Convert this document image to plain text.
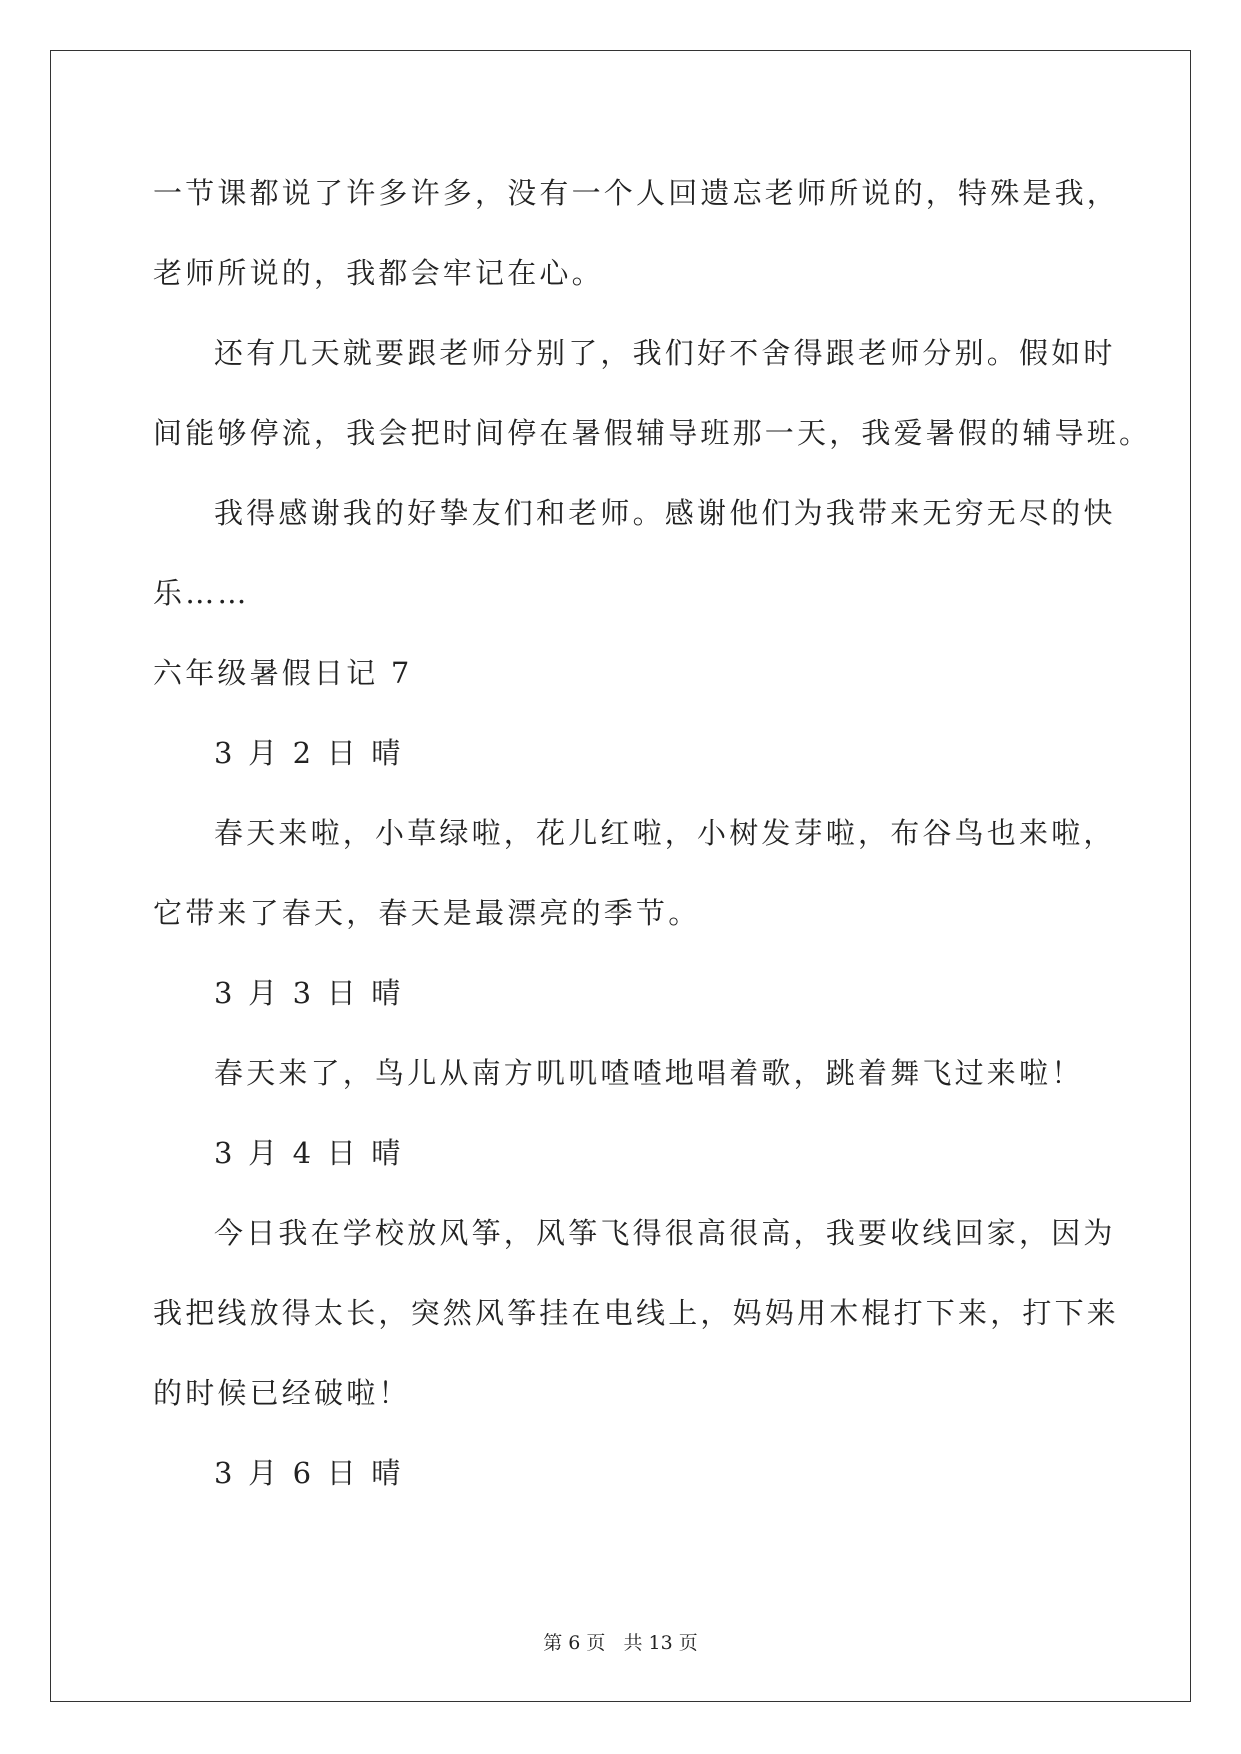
一节课都说了许多许多，没有一个人回遗忘老师所说的，特殊是我，
老师所说的，我都会牢记在心。
还有几天就要跟老师分别了，我们好不舍得跟老师分别。假如时
间能够停流，我会把时间停在暑假辅导班那一天，我爱暑假的辅导班。
我得感谢我的好挚友们和老师。感谢他们为我带来无穷无尽的快
乐……
六年级暑假日记 7
3 月 2 日 晴
春天来啦，小草绿啦，花儿红啦，小树发芽啦，布谷鸟也来啦，
它带来了春天，春天是最漂亮的季节。
3 月 3 日 晴
春天来了，鸟儿从南方叽叽喳喳地唱着歌，跳着舞飞过来啦！
3 月 4 日 晴
今日我在学校放风筝，风筝飞得很高很高，我要收线回家，因为
我把线放得太长，突然风筝挂在电线上，妈妈用木棍打下来，打下来
的时候已经破啦！
3 月 6 日 晴
第 6 页 共 13 页
